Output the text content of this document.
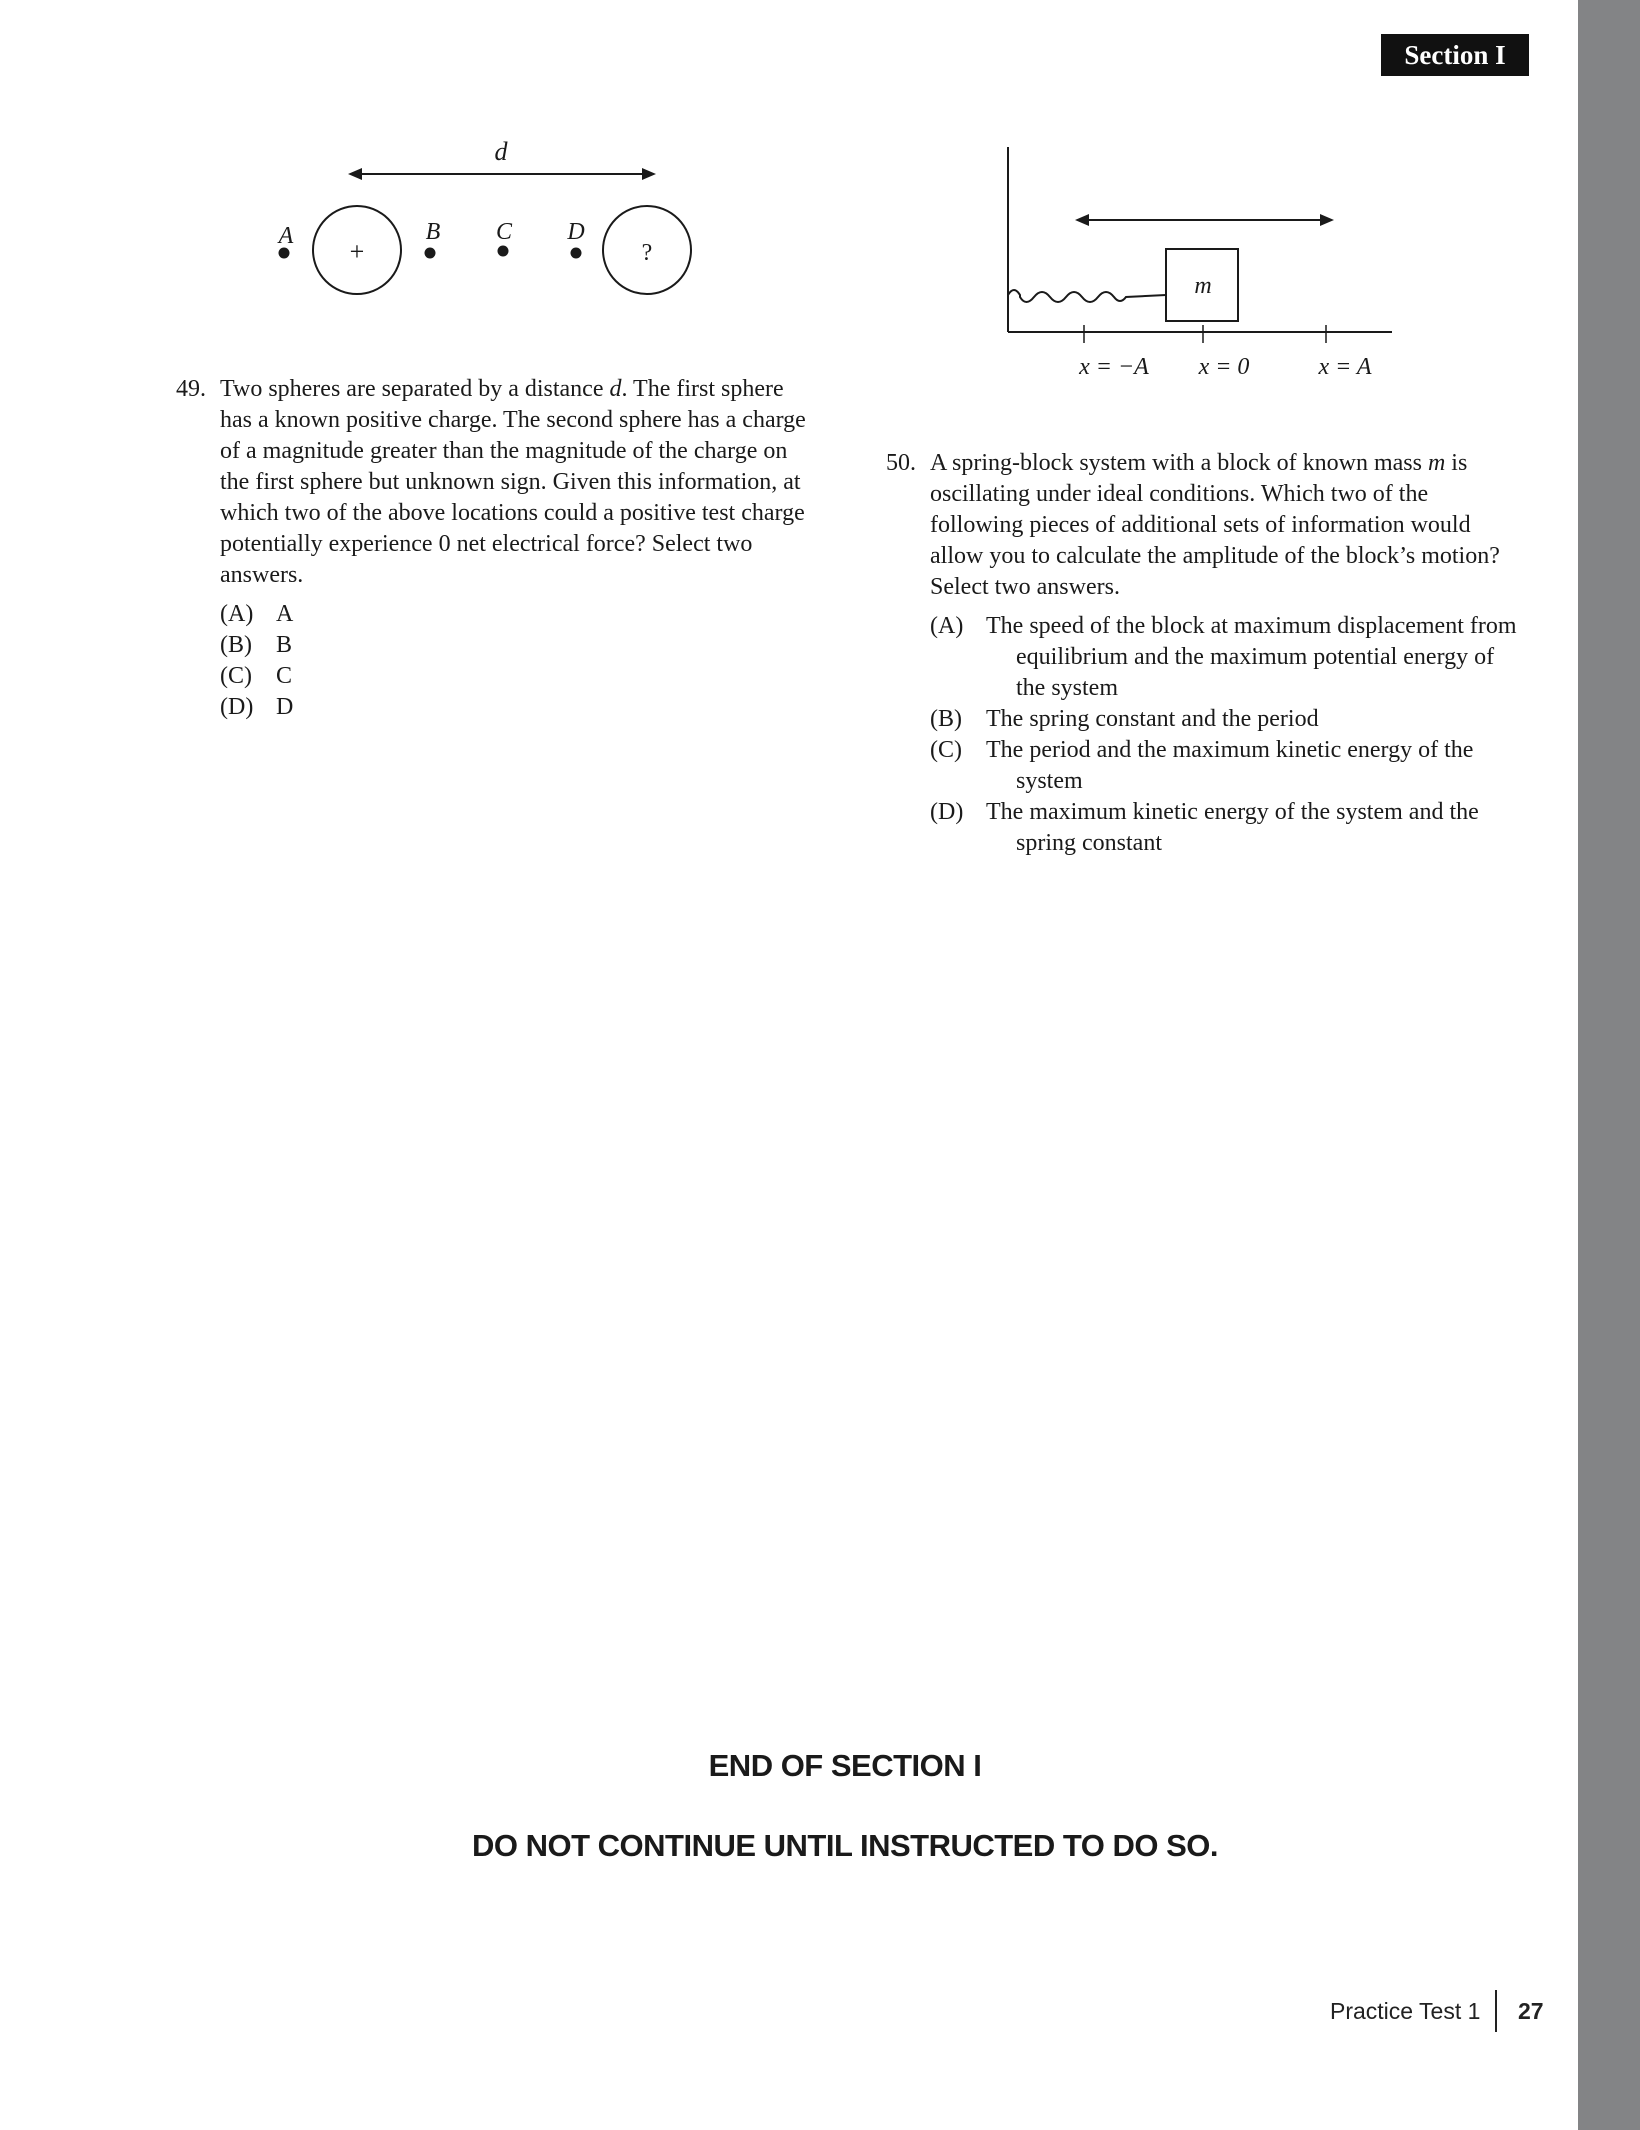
Section I
d
+	?
A	B C D
m
x = −A x = 0	x = A
49. Two spheres are separated by a distance d. The first sphere has a known positive charge. The second sphere has a charge of a magnitude greater than the magnitude of the charge on the first sphere but unknown sign. Given this information, at which two of the above locations could a positive test charge potentially experience 0 net electrical force? Select two answers.
(A) A
(B) B
(C) C
(D) D
50. A spring-block system with a block of known mass m is oscillating under ideal conditions. Which two of the following pieces of additional sets of information would allow you to calculate the amplitude of the block’s motion? Select two answers.
(A) The speed of the block at maximum displacement from equilibrium and the maximum potential energy of the system
(B) The spring constant and the period
(C) The period and the maximum kinetic energy of the system
(D) The maximum kinetic energy of the system and the spring constant
END OF SECTION I
DO NOT CONTINUE UNTIL INSTRUCTED TO DO SO.
Practice Test 1 27
